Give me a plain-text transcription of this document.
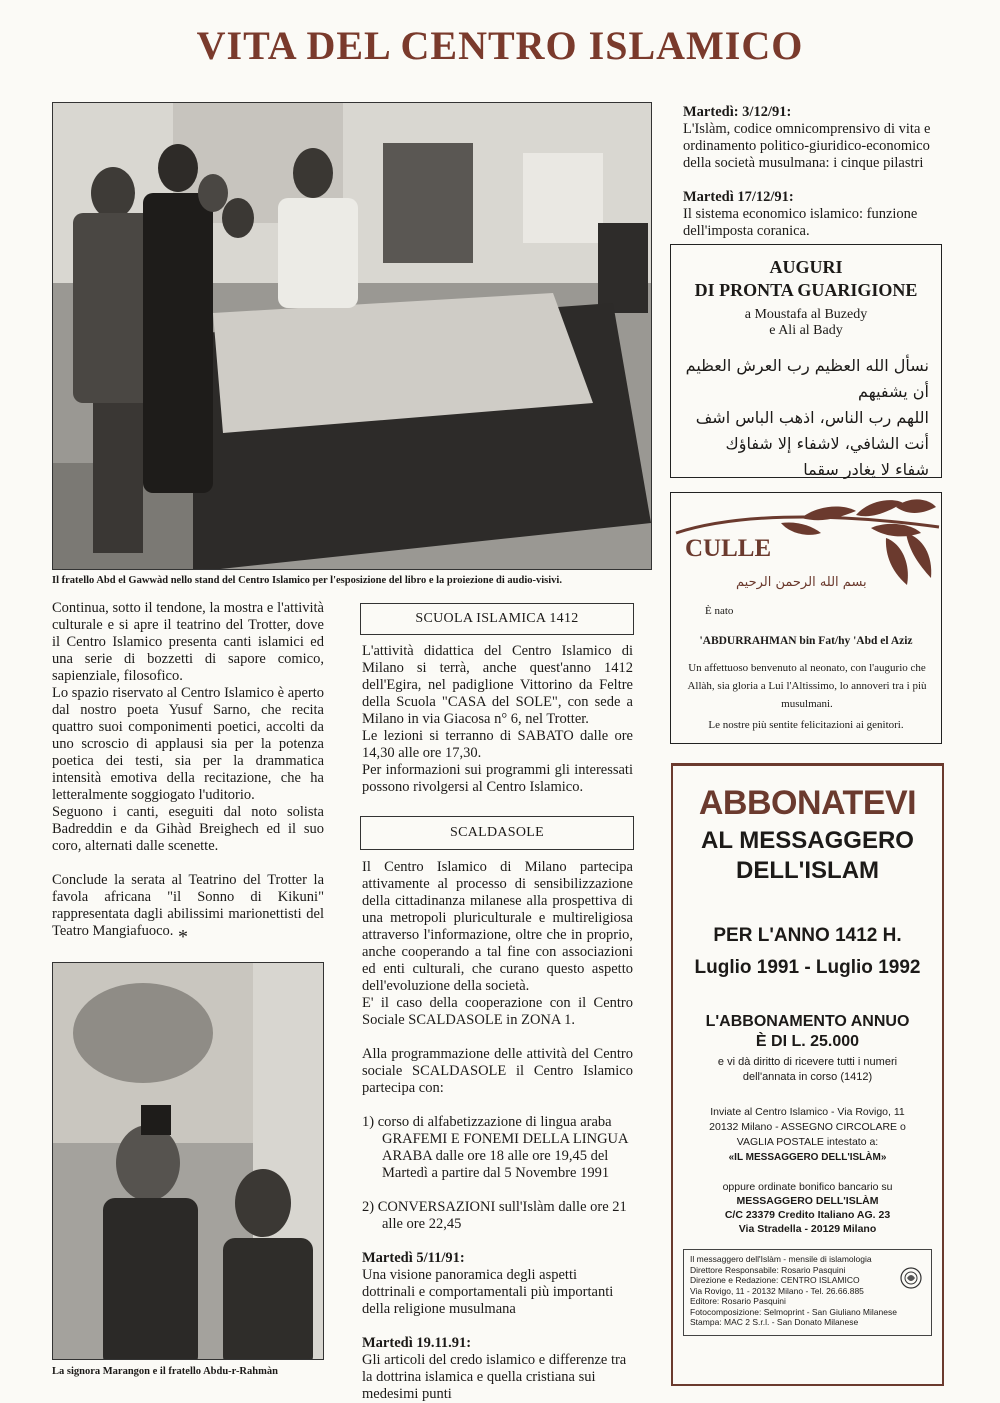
VITA DEL CENTRO ISLAMICO
Il fratello Abd el Gawwàd nello stand del Centro Islamico per l'esposizione del libro e la proiezione di audio-visivi.

Continua, sotto il tendone, la mostra e l'attività culturale e si apre il teatrino del Trotter, dove il Centro Islamico presenta canti islamici ed una serie di bozzetti di sapore comico, sapienziale, filosofico.

Lo spazio riservato al Centro Islamico è aperto dal nostro poeta Yusuf Sarno, che recita quattro suoi componimenti poetici, accolti da uno scroscio di applausi sia per la potenza poetica dei testi, sia per la drammatica intensità emotiva della recitazione, che ha letteralmente soggiogato l'uditorio.

Seguono i canti, eseguiti dal noto solista Badreddin e da Gihàd Breighech ed il suo coro, alternati dalle scenette.

Conclude la serata al Teatrino del Trotter la favola africana "il Sonno di Kikuni" rappresentata dagli abilissimi marionettisti del Teatro Mangiafuoco. *
La signora Marangon e il fratello Abdu-r-Rahmàn
SCUOLA ISLAMICA 1412

L'attività didattica del Centro Islamico di Milano si terrà, anche quest'anno 1412 dell'Egira, nel padiglione Vittorino da Feltre della Scuola "CASA del SOLE", con sede a Milano in via Giacosa n° 6, nel Trotter.

Le lezioni si terranno di SABATO dalle ore 14,30 alle ore 17,30.

Per informazioni sui programmi gli interessati possono rivolgersi al Centro Islamico.

SCALDASOLE

Il Centro Islamico di Milano partecipa attivamente al processo di sensibilizzazione della cittadinanza milanese alla prospettiva di una metropoli pluriculturale e multireligiosa attraverso l'informazione, oltre che in proprio, anche cooperando a tal fine con associazioni ed enti culturali, che curano questo aspetto dell'evoluzione della società.

E' il caso della cooperazione con il Centro Sociale SCALDASOLE in ZONA 1.

Alla programmazione delle attività del Centro sociale SCALDASOLE il Centro Islamico partecipa con:

1) corso di alfabetizzazione di lingua araba GRAFEMI E FONEMI DELLA LINGUA ARABA dalle ore 18 alle ore 19,45 del Martedì a partire dal 5 Novembre 1991

2) CONVERSAZIONI sull'Islàm dalle ore 21 alle ore 22,45

Martedì 5/11/91:

Una visione panoramica degli aspetti dottrinali e comportamentali più importanti della religione musulmana

Martedì 19.11.91:

Gli articoli del credo islamico e differenze tra la dottrina islamica e quella cristiana sui medesimi punti

Martedì: 3/12/91:

L'Islàm, codice omnicomprensivo di vita e ordinamento politico-giuridico-economico della società musulmana: i cinque pilastri

Martedì 17/12/91:

Il sistema economico islamico: funzione dell'imposta coranica.

AUGURI
DI PRONTA GUARIGIONE
a Moustafa al Buzedy
e Ali al Bady
نسأل الله العظيم رب العرش العظيم
أن يشفيهم
اللهم رب الناس، اذهب الباس اشف
أنت الشافي، لاشفاء إلا شفاؤك
شفاء لا يغادر سقما
CULLE
بسم الله الرحمن الرحيم
È nato
'ABDURRAHMAN bin Fat/hy 'Abd el Aziz
Un affettuoso benvenuto al neonato, con l'augurio che Allàh, sia gloria a Lui l'Altissimo, lo annoveri tra i più musulmani.
Le nostre più sentite felicitazioni ai genitori.
ABBONATEVI
AL MESSAGGERO
DELL'ISLAM
PER L'ANNO 1412 H.
Luglio 1991 - Luglio 1992
L'ABBONAMENTO ANNUO
È DI L. 25.000
e vi dà diritto di ricevere tutti i numeri dell'annata in corso (1412)
Inviate al Centro Islamico - Via Rovigo, 11 20132 Milano - ASSEGNO CIRCOLARE o VAGLIA POSTALE intestato a:
«IL MESSAGGERO DELL'ISLÀM»
oppure ordinate bonifico bancario su
MESSAGGERO DELL'ISLÀM
C/C 23379 Credito Italiano AG. 23
Via Stradella - 20129 Milano
Il messaggero dell'Islàm - mensile di islamologia
Direttore Responsabile: Rosario Pasquini
Direzione e Redazione: CENTRO ISLAMICO
Via Rovigo, 11 - 20132 Milano - Tel. 26.66.885
Editore: Rosario Pasquini
Fotocomposizione: Selmoprint - San Giuliano Milanese
Stampa: MAC 2 S.r.l. - San Donato Milanese
